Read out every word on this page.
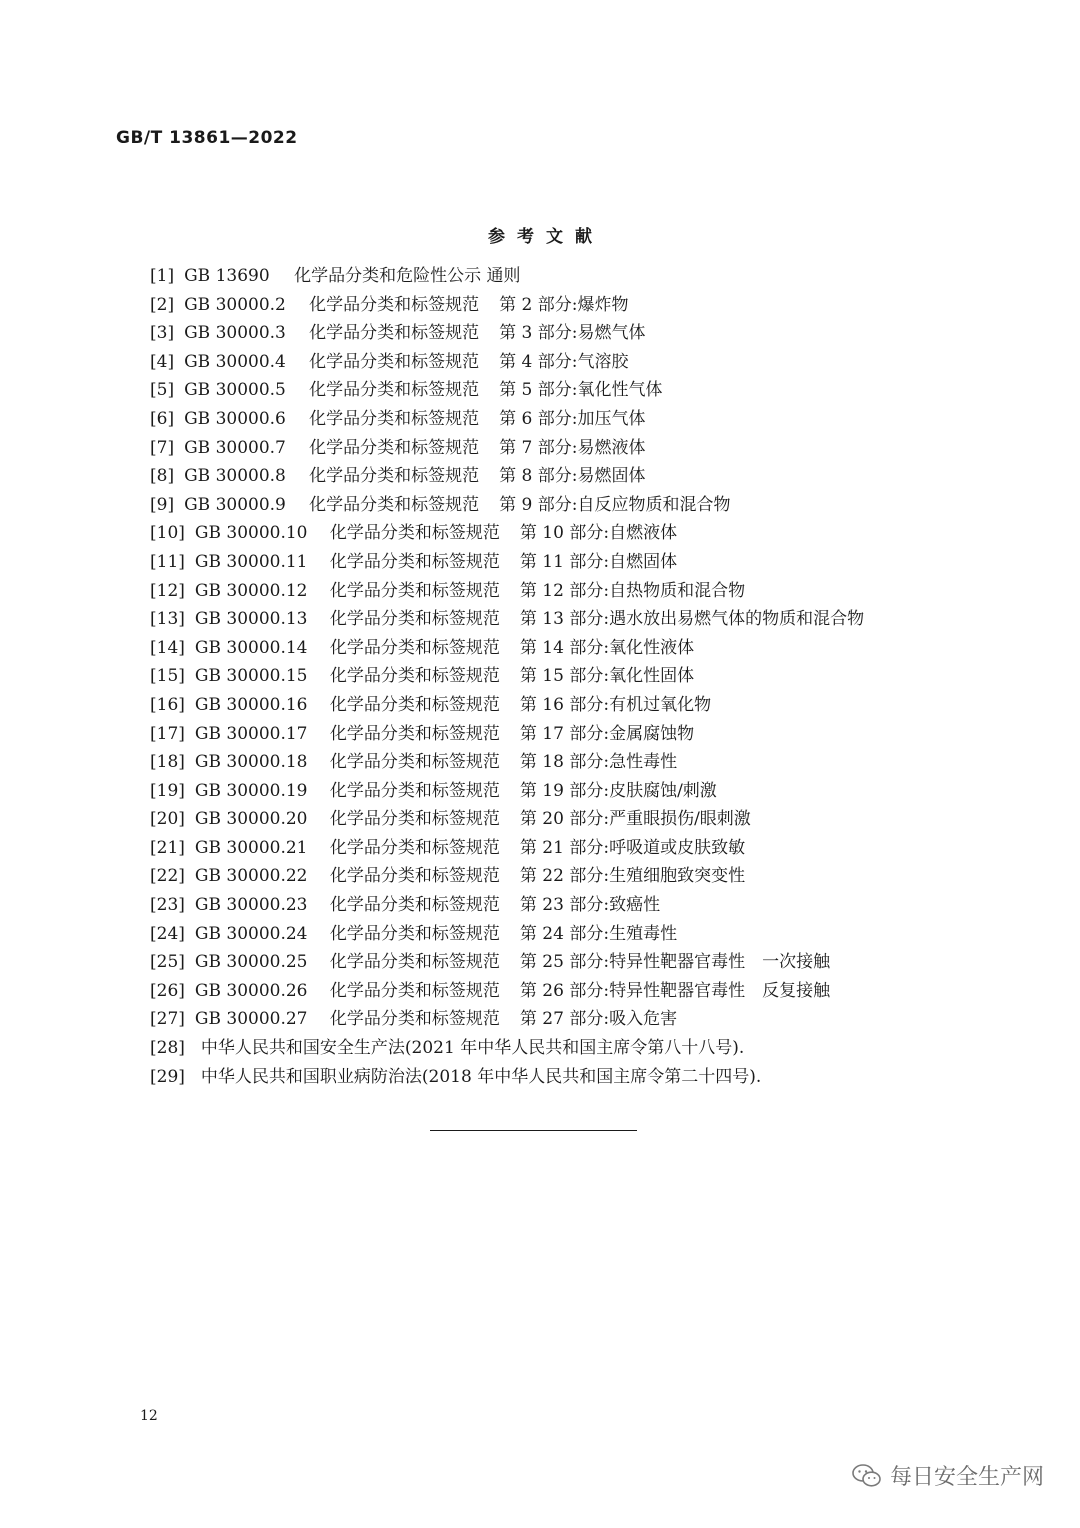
GB/T 13861—2022
参考文献
[1] GB 13690 化学品分类和危险性公示 通则
[2] GB 30000.2 化学品分类和标签规范 第 2 部分:爆炸物
[3] GB 30000.3 化学品分类和标签规范 第 3 部分:易燃气体
[4] GB 30000.4 化学品分类和标签规范 第 4 部分:气溶胶
[5] GB 30000.5 化学品分类和标签规范 第 5 部分:氧化性气体
[6] GB 30000.6 化学品分类和标签规范 第 6 部分:加压气体
[7] GB 30000.7 化学品分类和标签规范 第 7 部分:易燃液体
[8] GB 30000.8 化学品分类和标签规范 第 8 部分:易燃固体
[9] GB 30000.9 化学品分类和标签规范 第 9 部分:自反应物质和混合物
[10] GB 30000.10 化学品分类和标签规范 第 10 部分:自燃液体
[11] GB 30000.11 化学品分类和标签规范 第 11 部分:自燃固体
[12] GB 30000.12 化学品分类和标签规范 第 12 部分:自热物质和混合物
[13] GB 30000.13 化学品分类和标签规范 第 13 部分:遇水放出易燃气体的物质和混合物
[14] GB 30000.14 化学品分类和标签规范 第 14 部分:氧化性液体
[15] GB 30000.15 化学品分类和标签规范 第 15 部分:氧化性固体
[16] GB 30000.16 化学品分类和标签规范 第 16 部分:有机过氧化物
[17] GB 30000.17 化学品分类和标签规范 第 17 部分:金属腐蚀物
[18] GB 30000.18 化学品分类和标签规范 第 18 部分:急性毒性
[19] GB 30000.19 化学品分类和标签规范 第 19 部分:皮肤腐蚀/刺激
[20] GB 30000.20 化学品分类和标签规范 第 20 部分:严重眼损伤/眼刺激
[21] GB 30000.21 化学品分类和标签规范 第 21 部分:呼吸道或皮肤致敏
[22] GB 30000.22 化学品分类和标签规范 第 22 部分:生殖细胞致突变性
[23] GB 30000.23 化学品分类和标签规范 第 23 部分:致癌性
[24] GB 30000.24 化学品分类和标签规范 第 24 部分:生殖毒性
[25] GB 30000.25 化学品分类和标签规范 第 25 部分:特异性靶器官毒性　一次接触
[26] GB 30000.26 化学品分类和标签规范 第 26 部分:特异性靶器官毒性　反复接触
[27] GB 30000.27 化学品分类和标签规范 第 27 部分:吸入危害
[28] 中华人民共和国安全生产法(2021 年中华人民共和国主席令第八十八号).
[29] 中华人民共和国职业病防治法(2018 年中华人民共和国主席令第二十四号).
12
每日安全生产网
